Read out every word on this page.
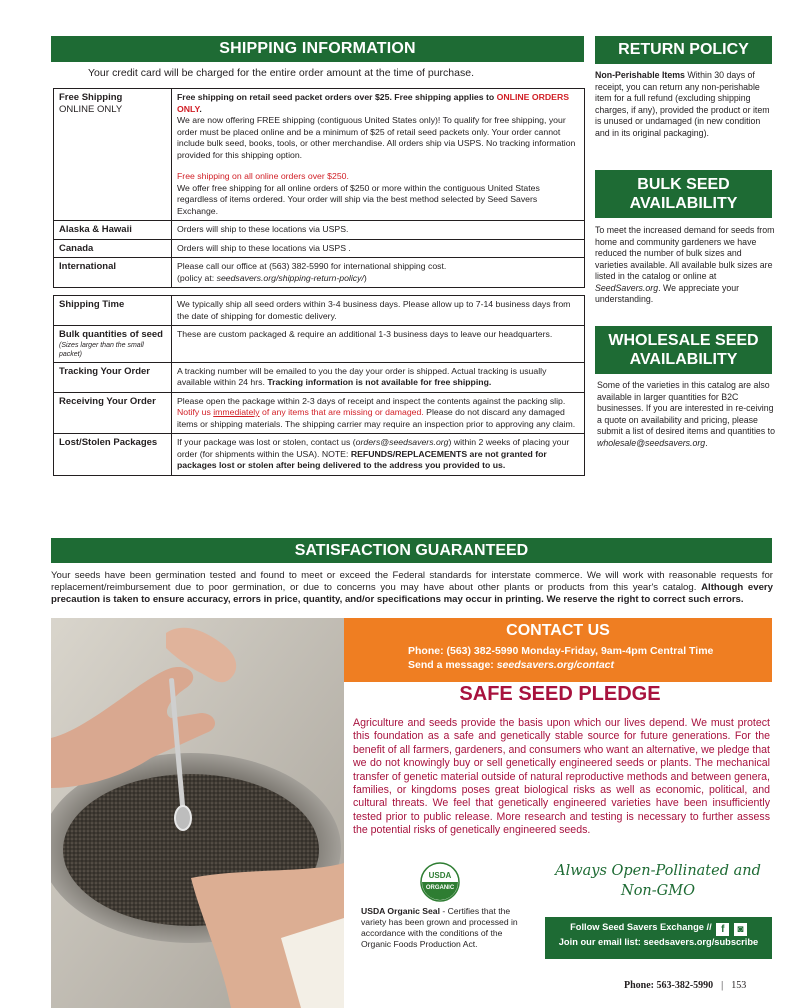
SHIPPING INFORMATION
Your credit card will be charged for the entire order amount at the time of purchase.
Free Shipping
ONLINE ONLY	Free shipping on retail seed packet orders over $25. Free shipping applies to ONLINE ORDERS ONLY.
We are now offering FREE shipping (contiguous United States only)! To qualify for free shipping, your order must be placed online and be a minimum of $25 of retail seed packets only. Your order cannot include bulk seed, books, tools, or other merchandise. All orders ship via USPS. No tracking information provided for this shipping option.
Free shipping on all online orders over $250.
We offer free shipping for all online orders of $250 or more within the contiguous United States regardless of items ordered. Your order will ship via the best method selected by Seed Savers Exchange.

Alaska & Hawaii	Orders will ship to these locations via USPS.
Canada	Orders will ship to these locations via USPS .
International	Please call our office at (563) 382-5990 for international shipping cost.
(policy at: seedsavers.org/shipping-return-policy/)

Shipping Time	We typically ship all seed orders within 3-4 business days. Please allow up to 7-14 business days from the date of shipping for domestic delivery.
Bulk quantities of seed
(Sizes larger than the small packet)	These are custom packaged & require an additional 1-3 business days to leave our headquarters.
Tracking Your Order	A tracking number will be emailed to you the day your order is shipped. Actual tracking is usually available within 24 hrs. Tracking information is not available for free shipping.
Receiving Your Order	Please open the package within 2-3 days of receipt and inspect the contents against the packing slip. Notify us immediately of any items that are missing or damaged. Please do not discard any damaged items or shipping materials. The shipping carrier may require an inspection prior to approving any claim.
Lost/Stolen Packages	If your package was lost or stolen, contact us (orders@seedsavers.org) within 2 weeks of placing your order (for shipments within the USA). NOTE: REFUNDS/REPLACEMENTS are not granted for packages lost or stolen after being delivered to the address you provided to us.
RETURN POLICY
Non-Perishable Items Within 30 days of receipt, you can return any non-perishable item for a full refund (excluding shipping charges, if any), provided the product or item is unused or undamaged (in new condition and in its original packaging).
BULK SEED AVAILABILITY
To meet the increased demand for seeds from home and community gardeners we have reduced the number of bulk sizes and varieties available. All available bulk sizes are listed in the catalog or online at SeedSavers.org. We appreciate your understanding.
WHOLESALE SEED AVAILABILITY
Some of the varieties in this catalog are also available in larger quantities for B2C businesses. If you are interested in re-ceiving a quote on availability and pricing, please submit a list of desired items and quantities to wholesale@seedsavers.org.
SATISFACTION GUARANTEED
Your seeds have been germination tested and found to meet or exceed the Federal standards for interstate commerce. We will work with reasonable requests for replacement/reimbursement due to poor germination, or due to concerns you may have about other plants or products from this year's catalog. Although every precaution is taken to ensure accuracy, errors in price, quantity, and/or specifications may occur in printing. We reserve the right to correct such errors.
CONTACT US
Phone: (563) 382-5990 Monday-Friday, 9am-4pm Central Time
Send a message: seedsavers.org/contact
SAFE SEED PLEDGE
Agriculture and seeds provide the basis upon which our lives depend. We must protect this foundation as a safe and genetically stable source for future generations. For the benefit of all farmers, gardeners, and consumers who want an alternative, we pledge that we do not knowingly buy or sell genetically engineered seeds or plants. The mechanical transfer of genetic material outside of natural reproductive methods and between genera, families, or kingdoms poses great biological risks as well as economic, political, and cultural threats. We feel that genetically engineered varieties have been insufficiently tested prior to public release. More research and testing is necessary to further assess the potential risks of genetically engineered seeds.
Always Open-Pollinated and
Non-GMO
USDA
ORGANIC
USDA Organic Seal - Certifies that the variety has been grown and processed in accordance with the conditions of the Organic Foods Production Act.
Follow Seed Savers Exchange // f ◙
Join our email list: seedsavers.org/subscribe
Phone: 563-382-5990 | 153
